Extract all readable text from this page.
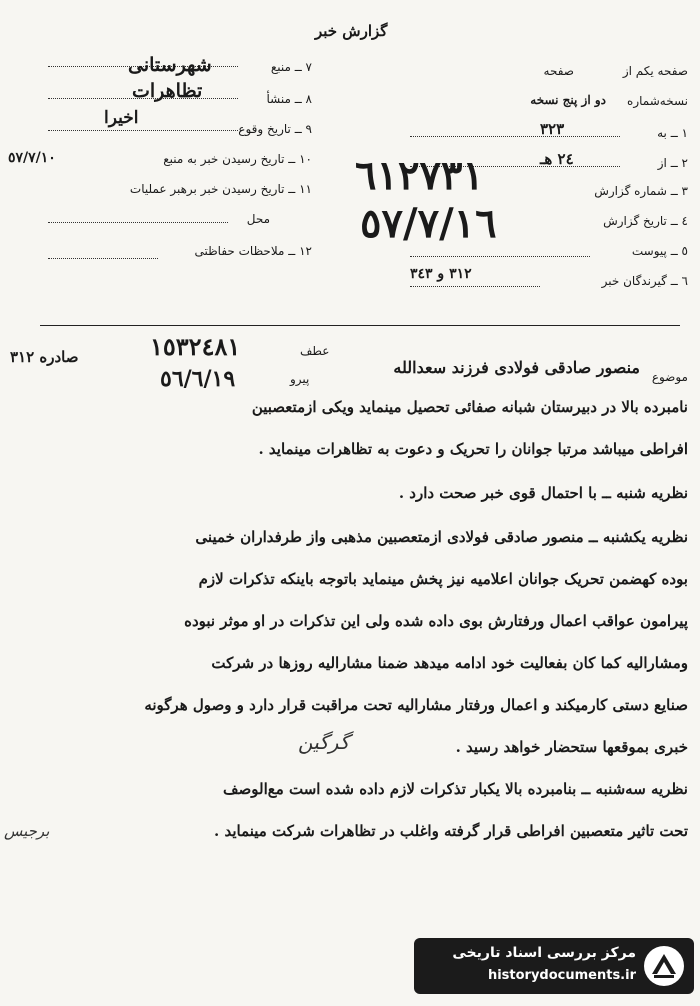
گزارش خبر
٧ ــ منبع
شهرستانی
٨ ــ منشأ
تظاهرات
٩ ــ تاریخ وقوع
اخیرا
١٠ ــ تاریخ رسیدن خبر به منبع
٥٧/٧/١٠
١١ ــ تاریخ رسیدن خبر برهبر عملیات
محل
١٢ ــ ملاحظات حفاظتی
صفحه یکم از
صفحه
نسخه‌شماره
دو از پنج نسخه
١ ــ به
٣٢٣
٢ ــ از
٢٤ هـ
٣ ــ شماره گزارش
٤ ــ تاریخ گزارش
٥ ــ پیوست
٦ ــ گیرندگان خبر
٣١٢ و ٣٤٣
٦١٢٧٣١
٥٧/٧/١٦
موضوع
منصور صادقی فولادی فرزند سعدالله
عطف
پیرو
١٥٣٢٤٨١
٥٦/٦/١٩
صادره ٣١٢
نامبرده بالا در دبیرستان شبانه صفائی تحصیل مینماید ویکی ازمتعصبین
افراطی میباشد مرتبا جوانان را تحریک و دعوت به تظاهرات مینماید .
نظریه شنبه ــ با احتمال قوی خبر صحت دارد .
نظریه یکشنبه ــ منصور صادقی فولادی ازمتعصبین مذهبی واز طرفداران خمینی
بوده کهضمن تحریک جوانان اعلامیه نیز پخش مینماید باتوجه باینکه تذکرات لازم
پیرامون عواقب اعمال ورفتارش بوی داده شده ولی این تذکرات در او موثر نبوده
ومشارالیه کما کان بفعالیت خود ادامه میدهد ضمنا مشارالیه روزها در شرکت
صنایع دستی کارمیکند و اعمال ورفتار مشارالیه تحت مراقبت قرار دارد و وصول هرگونه
خبری بموقعها ستحضار خواهد رسید .
نظریه سه‌شنبه ــ بنامبرده بالا یکبار تذکرات لازم داده شده است مع‌الوصف
تحت تاثیر متعصبین افراطی قرار گرفته واغلب در تظاهرات شرکت مینماید .
گرگین
برجیس
مرکز بررسی اسناد تاریخی
historydocuments.ir
